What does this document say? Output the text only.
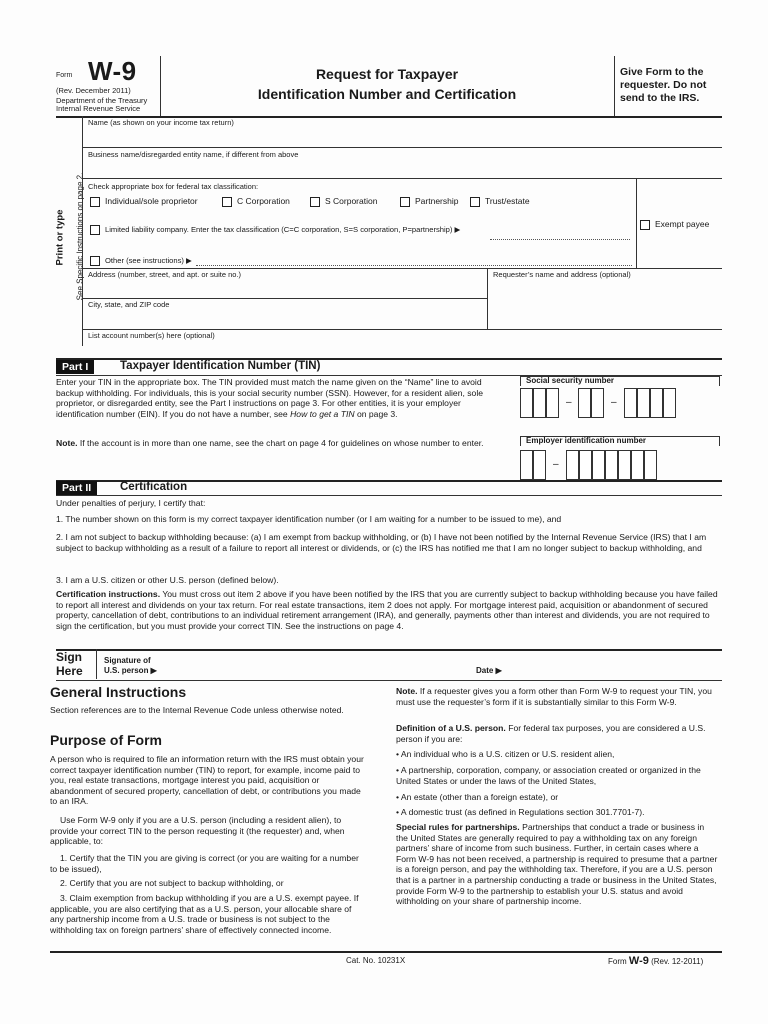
Form W-9
(Rev. December 2011)
Department of the Treasury
Internal Revenue Service
Request for Taxpayer
Identification Number and Certification
Give Form to the requester. Do not send to the IRS.
Print or type See Specific Instructions on page 2.
Name (as shown on your income tax return)
Business name/disregarded entity name, if different from above
Check appropriate box for federal tax classification:
Individual/sole proprietor	C Corporation	S Corporation	Partnership	Trust/estate
Exempt payee
Limited liability company. Enter the tax classification (C=C corporation, S=S corporation, P=partnership) ▶
Other (see instructions) ▶
Address (number, street, and apt. or suite no.)	Requester’s name and address (optional)
City, state, and ZIP code
List account number(s) here (optional)
Part I	Taxpayer Identification Number (TIN)
Enter your TIN in the appropriate box. The TIN provided must match the name given on the “Name” line to avoid backup withholding. For individuals, this is your social security number (SSN). However, for a resident alien, sole proprietor, or disregarded entity, see the Part I instructions on page 3. For other entities, it is your employer identification number (EIN). If you do not have a number, see How to get a TIN on page 3.
Note. If the account is in more than one name, see the chart on page 4 for guidelines on whose number to enter.
Social security number
–	–
Employer identification number
–
Part II	Certification
Under penalties of perjury, I certify that:
1. The number shown on this form is my correct taxpayer identification number (or I am waiting for a number to be issued to me), and
2. I am not subject to backup withholding because: (a) I am exempt from backup withholding, or (b) I have not been notified by the Internal Revenue Service (IRS) that I am subject to backup withholding as a result of a failure to report all interest or dividends, or (c) the IRS has notified me that I am no longer subject to backup withholding, and
3. I am a U.S. citizen or other U.S. person (defined below).
Certification instructions. You must cross out item 2 above if you have been notified by the IRS that you are currently subject to backup withholding because you have failed to report all interest and dividends on your tax return. For real estate transactions, item 2 does not apply. For mortgage interest paid, acquisition or abandonment of secured property, cancellation of debt, contributions to an individual retirement arrangement (IRA), and generally, payments other than interest and dividends, you are not required to sign the certification, but you must provide your correct TIN. See the instructions on page 4.
Sign
Here
Signature of
U.S. person ▶	Date ▶
General Instructions
Section references are to the Internal Revenue Code unless otherwise noted.
Purpose of Form
A person who is required to file an information return with the IRS must obtain your correct taxpayer identification number (TIN) to report, for example, income paid to you, real estate transactions, mortgage interest you paid, acquisition or abandonment of secured property, cancellation of debt, or contributions you made to an IRA.
Use Form W-9 only if you are a U.S. person (including a resident alien), to provide your correct TIN to the person requesting it (the requester) and, when applicable, to:
1. Certify that the TIN you are giving is correct (or you are waiting for a number to be issued),
2. Certify that you are not subject to backup withholding, or
3. Claim exemption from backup withholding if you are a U.S. exempt payee. If applicable, you are also certifying that as a U.S. person, your allocable share of any partnership income from a U.S. trade or business is not subject to the withholding tax on foreign partners’ share of effectively connected income.
Note. If a requester gives you a form other than Form W-9 to request your TIN, you must use the requester’s form if it is substantially similar to this Form W-9.
Definition of a U.S. person. For federal tax purposes, you are considered a U.S. person if you are:
• An individual who is a U.S. citizen or U.S. resident alien,
• A partnership, corporation, company, or association created or organized in the United States or under the laws of the United States,
• An estate (other than a foreign estate), or
• A domestic trust (as defined in Regulations section 301.7701-7).
Special rules for partnerships. Partnerships that conduct a trade or business in the United States are generally required to pay a withholding tax on any foreign partners’ share of income from such business. Further, in certain cases where a Form W-9 has not been received, a partnership is required to presume that a partner is a foreign person, and pay the withholding tax. Therefore, if you are a U.S. person that is a partner in a partnership conducting a trade or business in the United States, provide Form W-9 to the partnership to establish your U.S. status and avoid withholding on your share of partnership income.
Cat. No. 10231X	Form W-9 (Rev. 12-2011)
